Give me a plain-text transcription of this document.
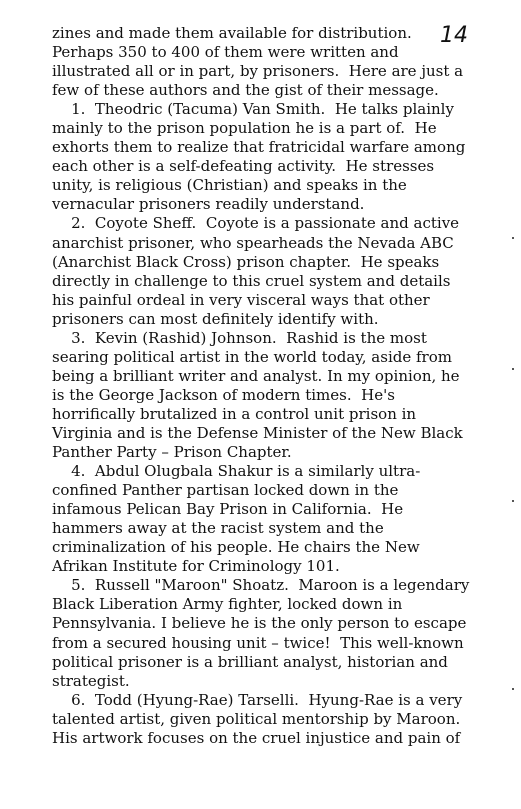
14
zines and made them available for distribution.
Perhaps 350 to 400 of them were written and
illustrated all or in part, by prisoners.  Here are just a
few of these authors and the gist of their message.
1.  Theodric (Tacuma) Van Smith.  He talks plainly
mainly to the prison population he is a part of.  He
exhorts them to realize that fratricidal warfare among
each other is a self-defeating activity.  He stresses
unity, is religious (Christian) and speaks in the
vernacular prisoners readily understand.
2.  Coyote Sheff.  Coyote is a passionate and active
anarchist prisoner, who spearheads the Nevada ABC
(Anarchist Black Cross) prison chapter.  He speaks
directly in challenge to this cruel system and details
his painful ordeal in very visceral ways that other
prisoners can most definitely identify with.
3.  Kevin (Rashid) Johnson.  Rashid is the most
searing political artist in the world today, aside from
being a brilliant writer and analyst. In my opinion, he
is the George Jackson of modern times.  He's
horrifically brutalized in a control unit prison in
Virginia and is the Defense Minister of the New Black
Panther Party – Prison Chapter.
4.  Abdul Olugbala Shakur is a similarly ultra-
confined Panther partisan locked down in the
infamous Pelican Bay Prison in California.  He
hammers away at the racist system and the
criminalization of his people. He chairs the New
Afrikan Institute for Criminology 101.
5.  Russell "Maroon" Shoatz.  Maroon is a legendary
Black Liberation Army fighter, locked down in
Pennsylvania. I believe he is the only person to escape
from a secured housing unit – twice!  This well-known
political prisoner is a brilliant analyst, historian and
strategist.
6.  Todd (Hyung-Rae) Tarselli.  Hyung-Rae is a very
talented artist, given political mentorship by Maroon.
His artwork focuses on the cruel injustice and pain of
